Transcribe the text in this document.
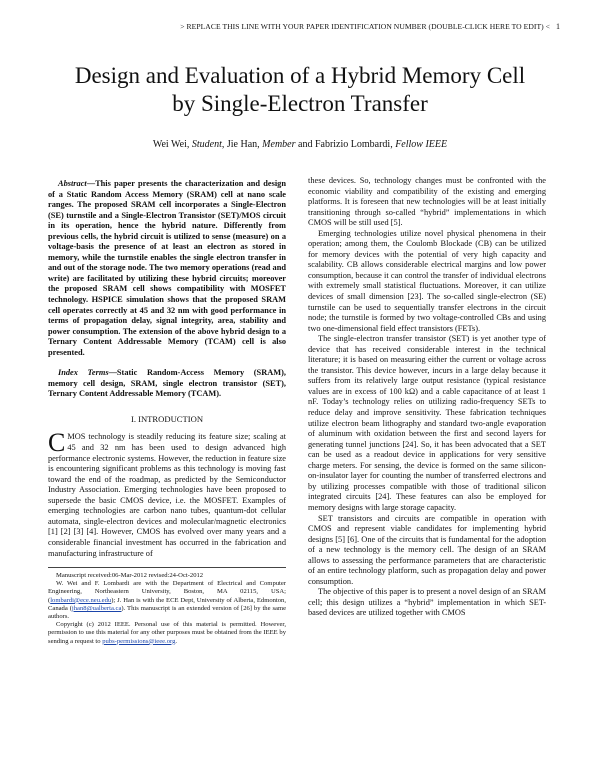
> REPLACE THIS LINE WITH YOUR PAPER IDENTIFICATION NUMBER (DOUBLE-CLICK HERE TO EDIT) < 1
Design and Evaluation of a Hybrid Memory Cell
by Single-Electron Transfer
Wei Wei, Student, Jie Han, Member and Fabrizio Lombardi, Fellow IEEE

Abstract—This paper presents the characterization and design of a Static Random Access Memory (SRAM) cell at nano scale ranges. The proposed SRAM cell incorporates a Single-Electron (SE) turnstile and a Single-Electron Transistor (SET)/MOS circuit in its operation, hence the hybrid nature. Differently from previous cells, the hybrid circuit is utilized to sense (measure) on a voltage-basis the presence of at least an electron as stored in memory, while the turnstile enables the single electron transfer in and out of the storage node. The two memory operations (read and write) are facilitated by utilizing these hybrid circuits; moreover the proposed SRAM cell shows compatibility with MOSFET technology. HSPICE simulation shows that the proposed SRAM cell operates correctly at 45 and 32 nm with good performance in terms of propagation delay, signal integrity, area, stability and power consumption. The extension of the above hybrid design to a Ternary Content Addressable Memory (TCAM) cell is also presented.

Index Terms—Static Random-Access Memory (SRAM), memory cell design, SRAM, single electron transistor (SET), Ternary Content Addressable Memory (TCAM).

I. INTRODUCTION

CMOS technology is steadily reducing its feature size; scaling at 45 and 32 nm has been used to design advanced high performance electronic systems. However, the reduction in feature size is encountering significant problems as this technology is moving fast toward the end of the roadmap, as predicted by the Semiconductor Industry Association. Emerging technologies have been proposed to supersede the basic CMOS device, i.e. the MOSFET. Examples of emerging technologies are carbon nano tubes, quantum-dot cellular automata, single-electron devices and molecular/magnetic electronics [1] [2] [3] [4]. However, CMOS has evolved over many years and a considerable financial investment has occurred in the fabrication and manufacturing infrastructure of

Manuscript received:06-Mar-2012 revised:24-Oct-2012

W. Wei and F. Lombardi are with the Department of Electrical and Computer Engineering, Northeastern University, Boston, MA 02115, USA; (lombardi@ece.neu.edu); J. Han is with the ECE Dept, University of Alberta, Edmonton, Canada (jhan8@ualberta.ca). This manuscript is an extended version of [26] by the same authors.

Copyright (c) 2012 IEEE. Personal use of this material is permitted. However, permission to use this material for any other purposes must be obtained from the IEEE by sending a request to pubs-permissions@ieee.org.

these devices. So, technology changes must be confronted with the economic viability and compatibility of the existing and emerging platforms. It is foreseen that new technologies will be at least initially transitioning through so-called “hybrid” implementations in which CMOS will be still used [5].

Emerging technologies utilize novel physical phenomena in their operation; among them, the Coulomb Blockade (CB) can be utilized for memory devices with the potential of very high capacity and scalability. CB allows considerable electrical margins and low power consumption, because it can control the transfer of individual electrons with extremely small statistical fluctuations. Moreover, it can utilize devices of small dimension [23]. The so-called single-electron (SE) turnstile can be used to sequentially transfer electrons in the circuit node; the turnstile is formed by two voltage-controlled CBs and using two one-dimensional field effect transistors (FETs).

The single-electron transfer transistor (SET) is yet another type of device that has received considerable interest in the technical literature; it is based on measuring either the current or voltage across the transistor. This device however, incurs in a large delay because it suffers from its relatively large output resistance (typical resistance values are in excess of 100 kΩ) and a cable capacitance of at least 1 nF. Today’s technology relies on utilizing radio-frequency SETs to reduce delay and improve sensitivity. These fabrication techniques utilize electron beam lithography and standard two-angle evaporation of aluminum with oxidation between the first and second layers for generating tunnel junctions [24]. So, it has been advocated that a SET can be used as a readout device in applications for very sensitive charge meters. For sensing, the device is formed on the same silicon-on-insulator layer for counting the number of transferred electrons and by utilizing processes compatible with those of traditional silicon integrated circuits [24]. These features can also be employed for memory designs with large storage capacity.

SET transistors and circuits are compatible in operation with CMOS and represent viable candidates for implementing hybrid designs [5] [6]. One of the circuits that is fundamental for the adoption of a new technology is the memory cell. The design of an SRAM allows to assessing the performance parameters that are characteristic of an entire technology platform, such as propagation delay and power consumption.

The objective of this paper is to present a novel design of an SRAM cell; this design utilizes a “hybrid” implementation in which SET-based devices are utilized together with CMOS
